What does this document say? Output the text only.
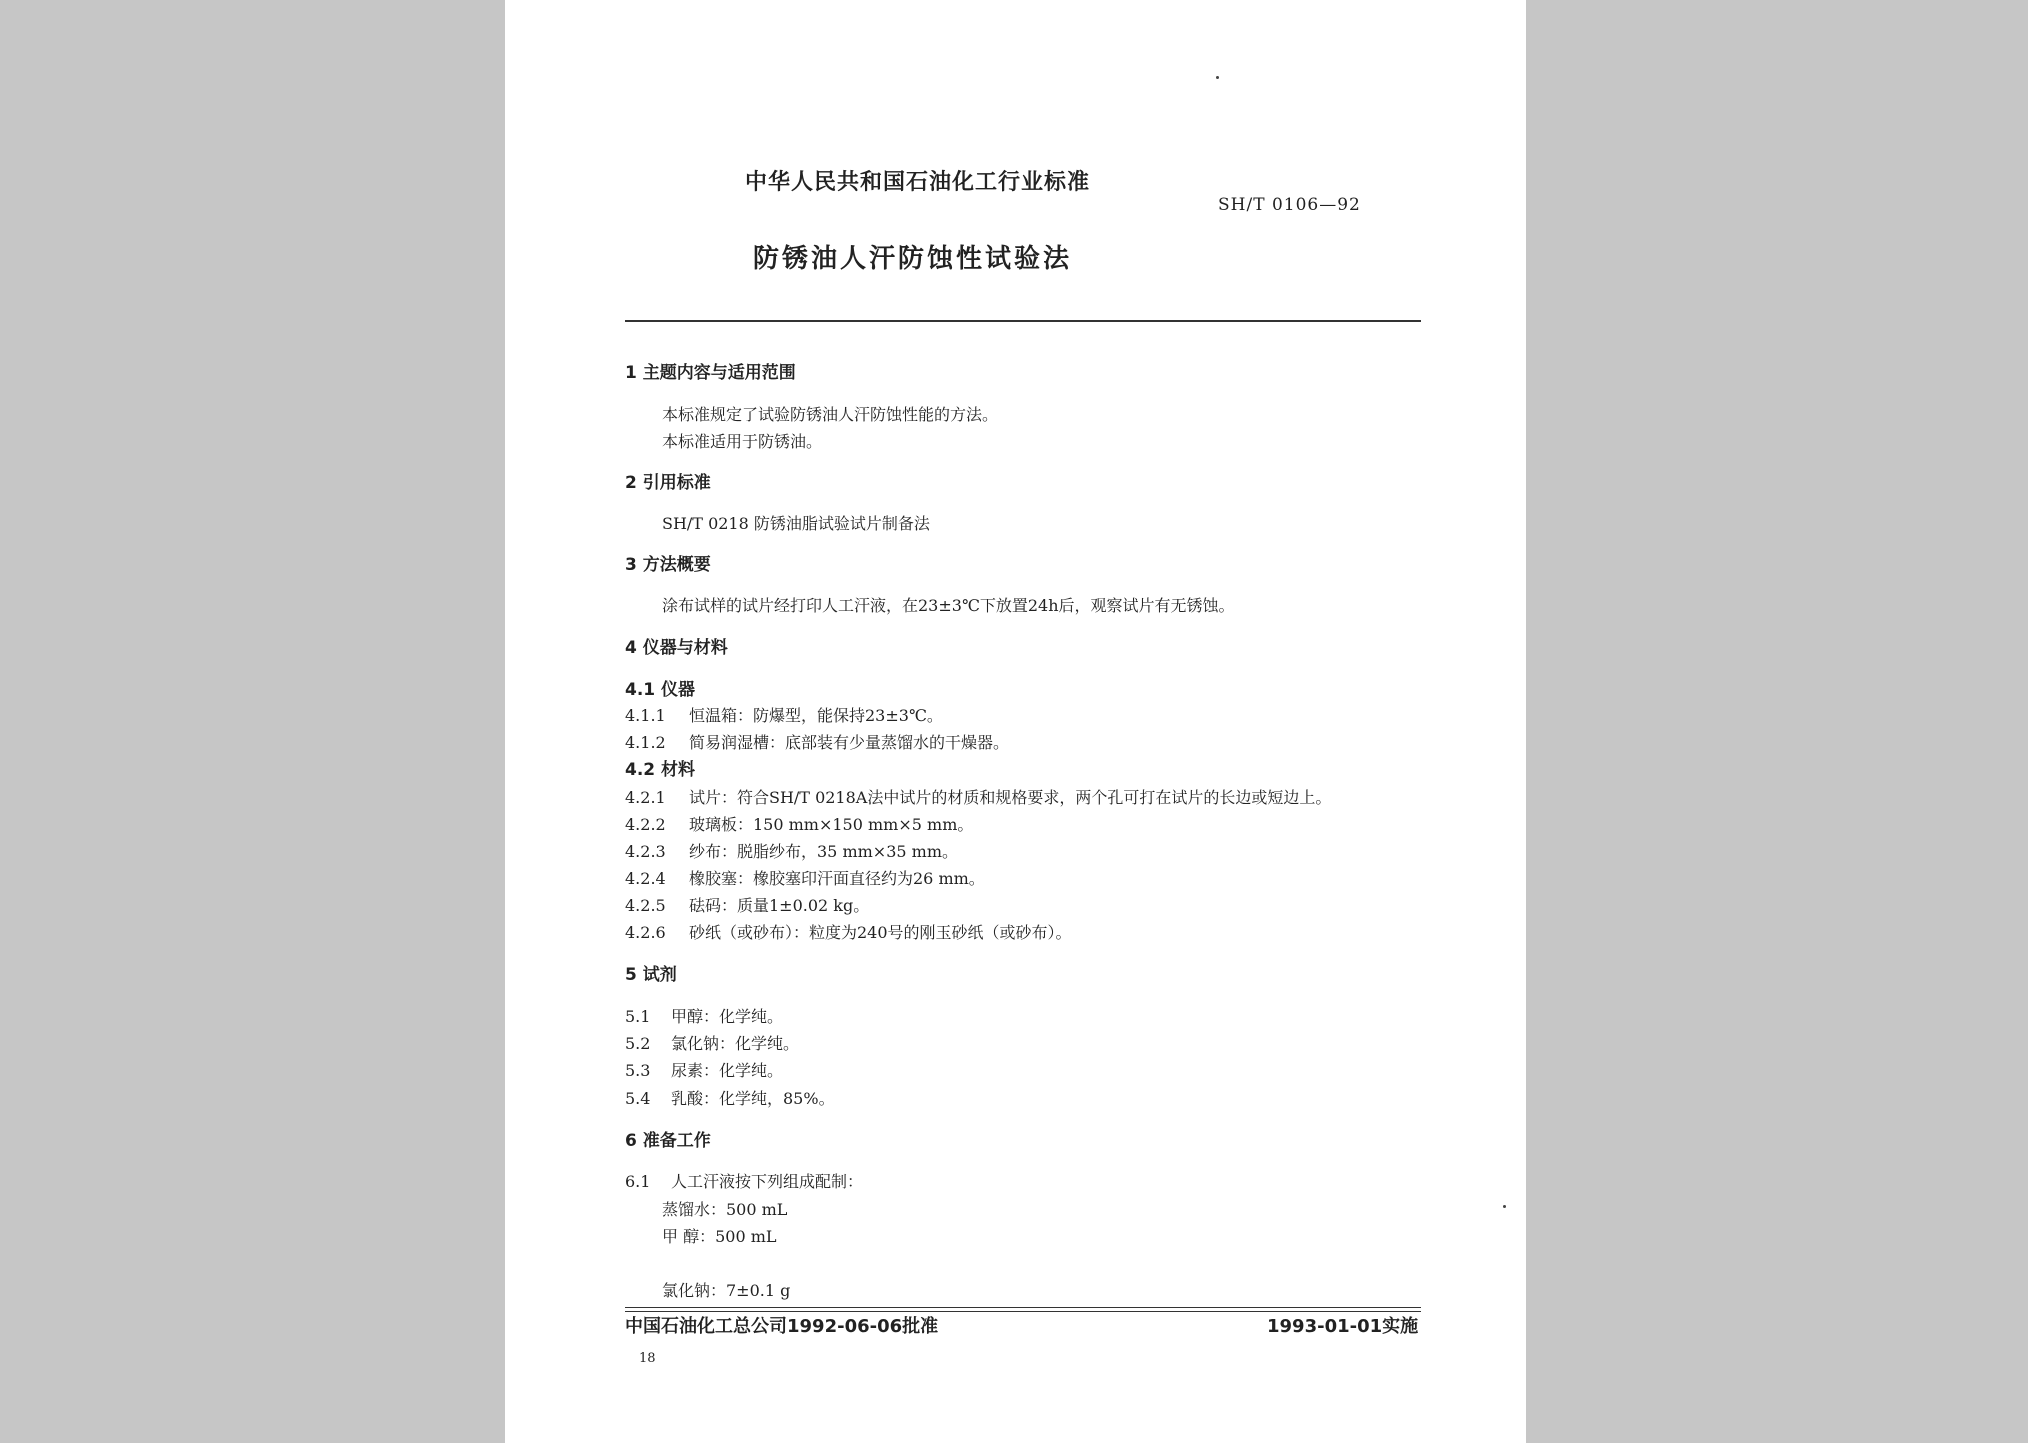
中华人民共和国石油化工行业标准
SH/T 0106—92
防锈油人汗防蚀性试验法
1 主题内容与适用范围
本标准规定了试验防锈油人汗防蚀性能的方法。
本标准适用于防锈油。
2 引用标准
SH/T 0218 防锈油脂试验试片制备法
3 方法概要
涂布试样的试片经打印人工汗液，在23±3℃下放置24h后，观察试片有无锈蚀。
4 仪器与材料
4.1 仪器
4.1.1 恒温箱：防爆型，能保持23±3℃。
4.1.2 简易润湿槽：底部装有少量蒸馏水的干燥器。
4.2 材料
4.2.1 试片：符合SH/T 0218A法中试片的材质和规格要求，两个孔可打在试片的长边或短边上。
4.2.2 玻璃板：150 mm×150 mm×5 mm。
4.2.3 纱布：脱脂纱布，35 mm×35 mm。
4.2.4 橡胶塞：橡胶塞印汗面直径约为26 mm。
4.2.5 砝码：质量1±0.02 kg。
4.2.6 砂纸（或砂布）：粒度为240号的刚玉砂纸（或砂布）。
5 试剂
5.1 甲醇：化学纯。
5.2 氯化钠：化学纯。
5.3 尿素：化学纯。
5.4 乳酸：化学纯，85%。
6 准备工作
6.1 人工汗液按下列组成配制：
蒸馏水：500 mL
甲 醇：500 mL
氯化钠：7±0.1 g
中国石油化工总公司1992-06-06批准	1993-01-01实施
18
